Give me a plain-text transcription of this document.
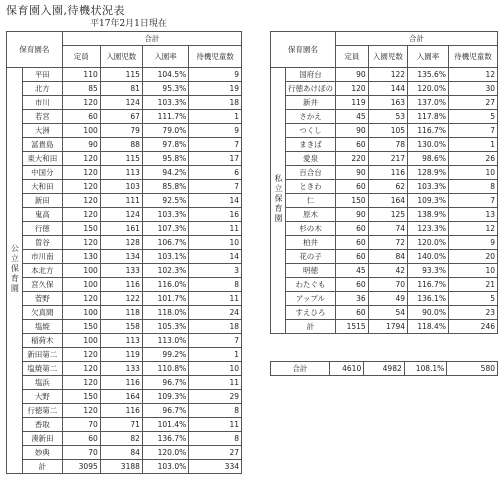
保育園入園,待機状況表
平17年2月1日現在
保育園名		合計			
		定員	入園児数	入園率	待機児童数
公立保育園	平田	110	115	104.5%	9
	北方	85	81	95.3%	19
	市川	120	124	103.3%	18
	若宮	60	67	111.7%	1
	大洲	100	79	79.0%	9
	冨貴島	90	88	97.8%	7
	東大和田	120	115	95.8%	17
	中国分	120	113	94.2%	6
	大和田	120	103	85.8%	7
	新田	120	111	92.5%	14
	鬼高	120	124	103.3%	16
	行徳	150	161	107.3%	11
	曽谷	120	128	106.7%	10
	市川南	130	134	103.1%	14
	本北方	100	133	102.3%	3
	宮久保	100	116	116.0%	8
	菅野	120	122	101.7%	11
	欠真間	100	118	118.0%	24
	塩焼	150	158	105.3%	18
	稲荷木	100	113	113.0%	7
	新田第二	120	119	99.2%	1
	塩焼第二	120	133	110.8%	10
	塩浜	120	116	96.7%	11
	大野	150	164	109.3%	29
	行徳第二	120	116	96.7%	8
	香取	70	71	101.4%	11
	湊新田	60	82	136.7%	8
	妙典	70	84	120.0%	27
	計	3095	3188	103.0%	334
保育園名		合計			
		定員	入園児数	入園率	待機児童数
私立保育園	国府台	90	122	135.6%	12
	行徳あけぼの	120	144	120.0%	30
	新井	119	163	137.0%	27
	さかえ	45	53	117.8%	5
	つくし	90	105	116.7%	7
	まきば	60	78	130.0%	1
	愛泉	220	217	98.6%	26
	百合台	90	116	128.9%	10
	ときわ	60	62	103.3%	8
	仁	150	164	109.3%	7
	原木	90	125	138.9%	13
	杉の木	60	74	123.3%	12
	柏井	60	72	120.0%	9
	花の子	60	84	140.0%	20
	明徳	45	42	93.3%	10
	わたぐも	60	70	116.7%	21
	アップル	36	49	136.1%	5
	すえひろ	60	54	90.0%	23
	計	1515	1794	118.4%	246
合計	4610	4982	108.1%	580
